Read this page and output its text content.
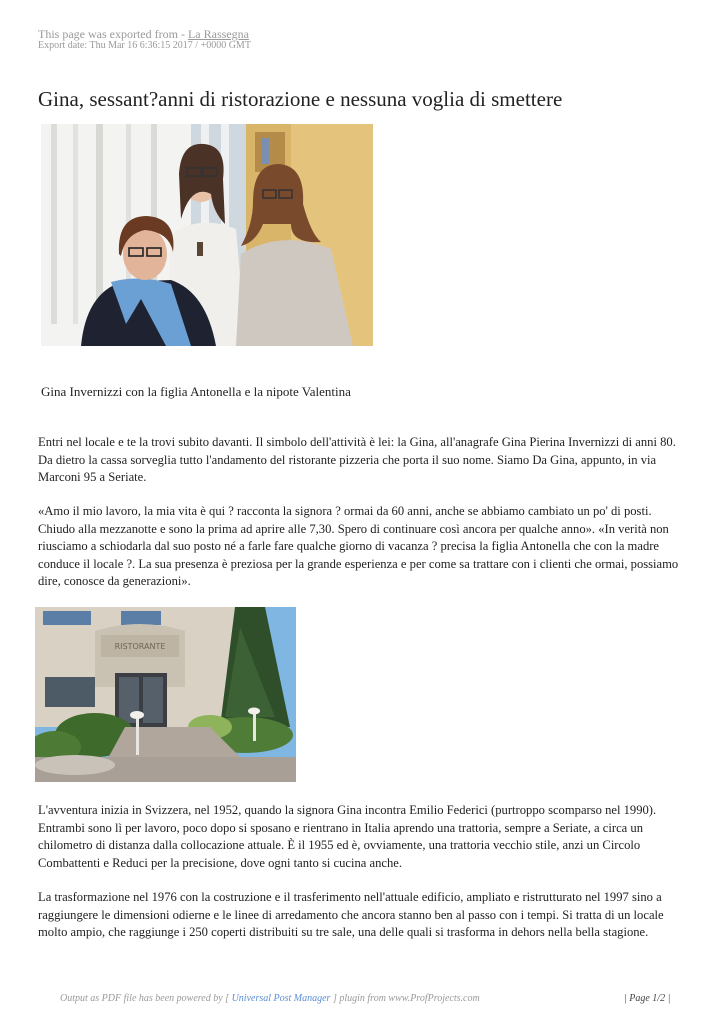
This page was exported from - La Rassegna
Export date: Thu Mar 16 6:36:15 2017 / +0000 GMT
Gina, sessant?anni di ristorazione e nessuna voglia di smettere
Gina Invernizzi con la figlia Antonella e la nipote Valentina

Entri nel locale e te la trovi subito davanti. Il simbolo dell'attività è lei: la Gina, all'anagrafe Gina Pierina Invernizzi di anni 80. Da dietro la cassa sorveglia tutto l'andamento del ristorante pizzeria che porta il suo nome. Siamo Da Gina, appunto, in via Marconi 95 a Seriate.

«Amo il mio lavoro, la mia vita è qui ? racconta la signora ? ormai da 60 anni, anche se abbiamo cambiato un po' di posti. Chiudo alla mezzanotte e sono la prima ad aprire alle 7,30. Spero di continuare così ancora per qualche anno». «In verità non riusciamo a schiodarla dal suo posto né a farle fare qualche giorno di vacanza ? precisa la figlia Antonella che con la madre conduce il locale ?. La sua presenza è preziosa per la grande esperienza e per come sa trattare con i clienti che ormai, possiamo dire, conosce da generazioni».

RISTORANTE

L'avventura inizia in Svizzera, nel 1952, quando la signora Gina incontra Emilio Federici (purtroppo scomparso nel 1990). Entrambi sono lì per lavoro, poco dopo si sposano e rientrano in Italia aprendo una trattoria, sempre a Seriate, a circa un chilometro di distanza dalla collocazione attuale. È il 1955 ed è, ovviamente, una trattoria vecchio stile, anzi un Circolo Combattenti e Reduci per la precisione, dove ogni tanto si cucina anche.

La trasformazione nel 1976 con la costruzione e il trasferimento nell'attuale edificio, ampliato e ristrutturato nel 1997 sino a raggiungere le dimensioni odierne e le linee di arredamento che ancora stanno ben al passo con i tempi. Si tratta di un locale molto ampio, che raggiunge i 250 coperti distribuiti su tre sale, una delle quali si trasforma in dehors nella bella stagione.

Output as PDF file has been powered by [ Universal Post Manager ] plugin from www.ProfProjects.com	| Page 1/2 |
